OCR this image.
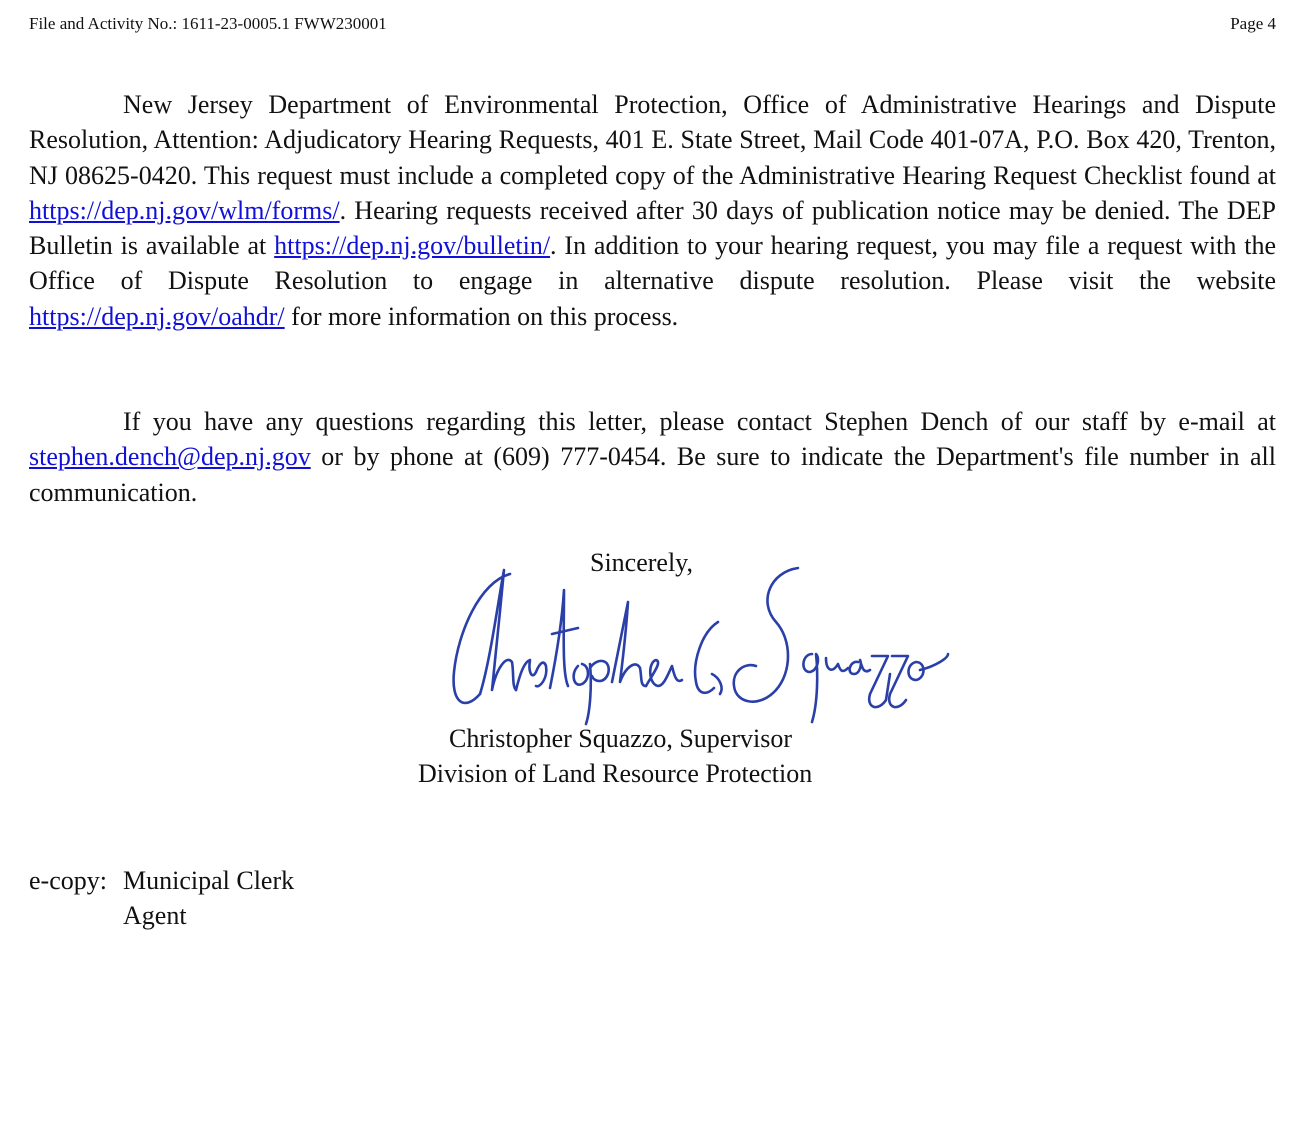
File and Activity No.: 1611-23-0005.1 FWW230001	Page 4

New Jersey Department of Environmental Protection, Office of Administrative Hearings and Dispute Resolution, Attention: Adjudicatory Hearing Requests, 401 E. State Street, Mail Code 401-07A, P.O. Box 420, Trenton, NJ 08625-0420. This request must include a completed copy of the Administrative Hearing Request Checklist found at https://dep.nj.gov/wlm/forms/. Hearing requests received after 30 days of publication notice may be denied. The DEP Bulletin is available at https://dep.nj.gov/bulletin/. In addition to your hearing request, you may file a request with the Office of Dispute Resolution to engage in alternative dispute resolution. Please visit the website https://dep.nj.gov/oahdr/ for more information on this process.

If you have any questions regarding this letter, please contact Stephen Dench of our staff by e-mail at stephen.dench@dep.nj.gov or by phone at (609) 777-0454. Be sure to indicate the Department's file number in all communication.

Sincerely,
Christopher Squazzo, Supervisor
Division of Land Resource Protection
e-copy: Municipal Clerk
Agent
